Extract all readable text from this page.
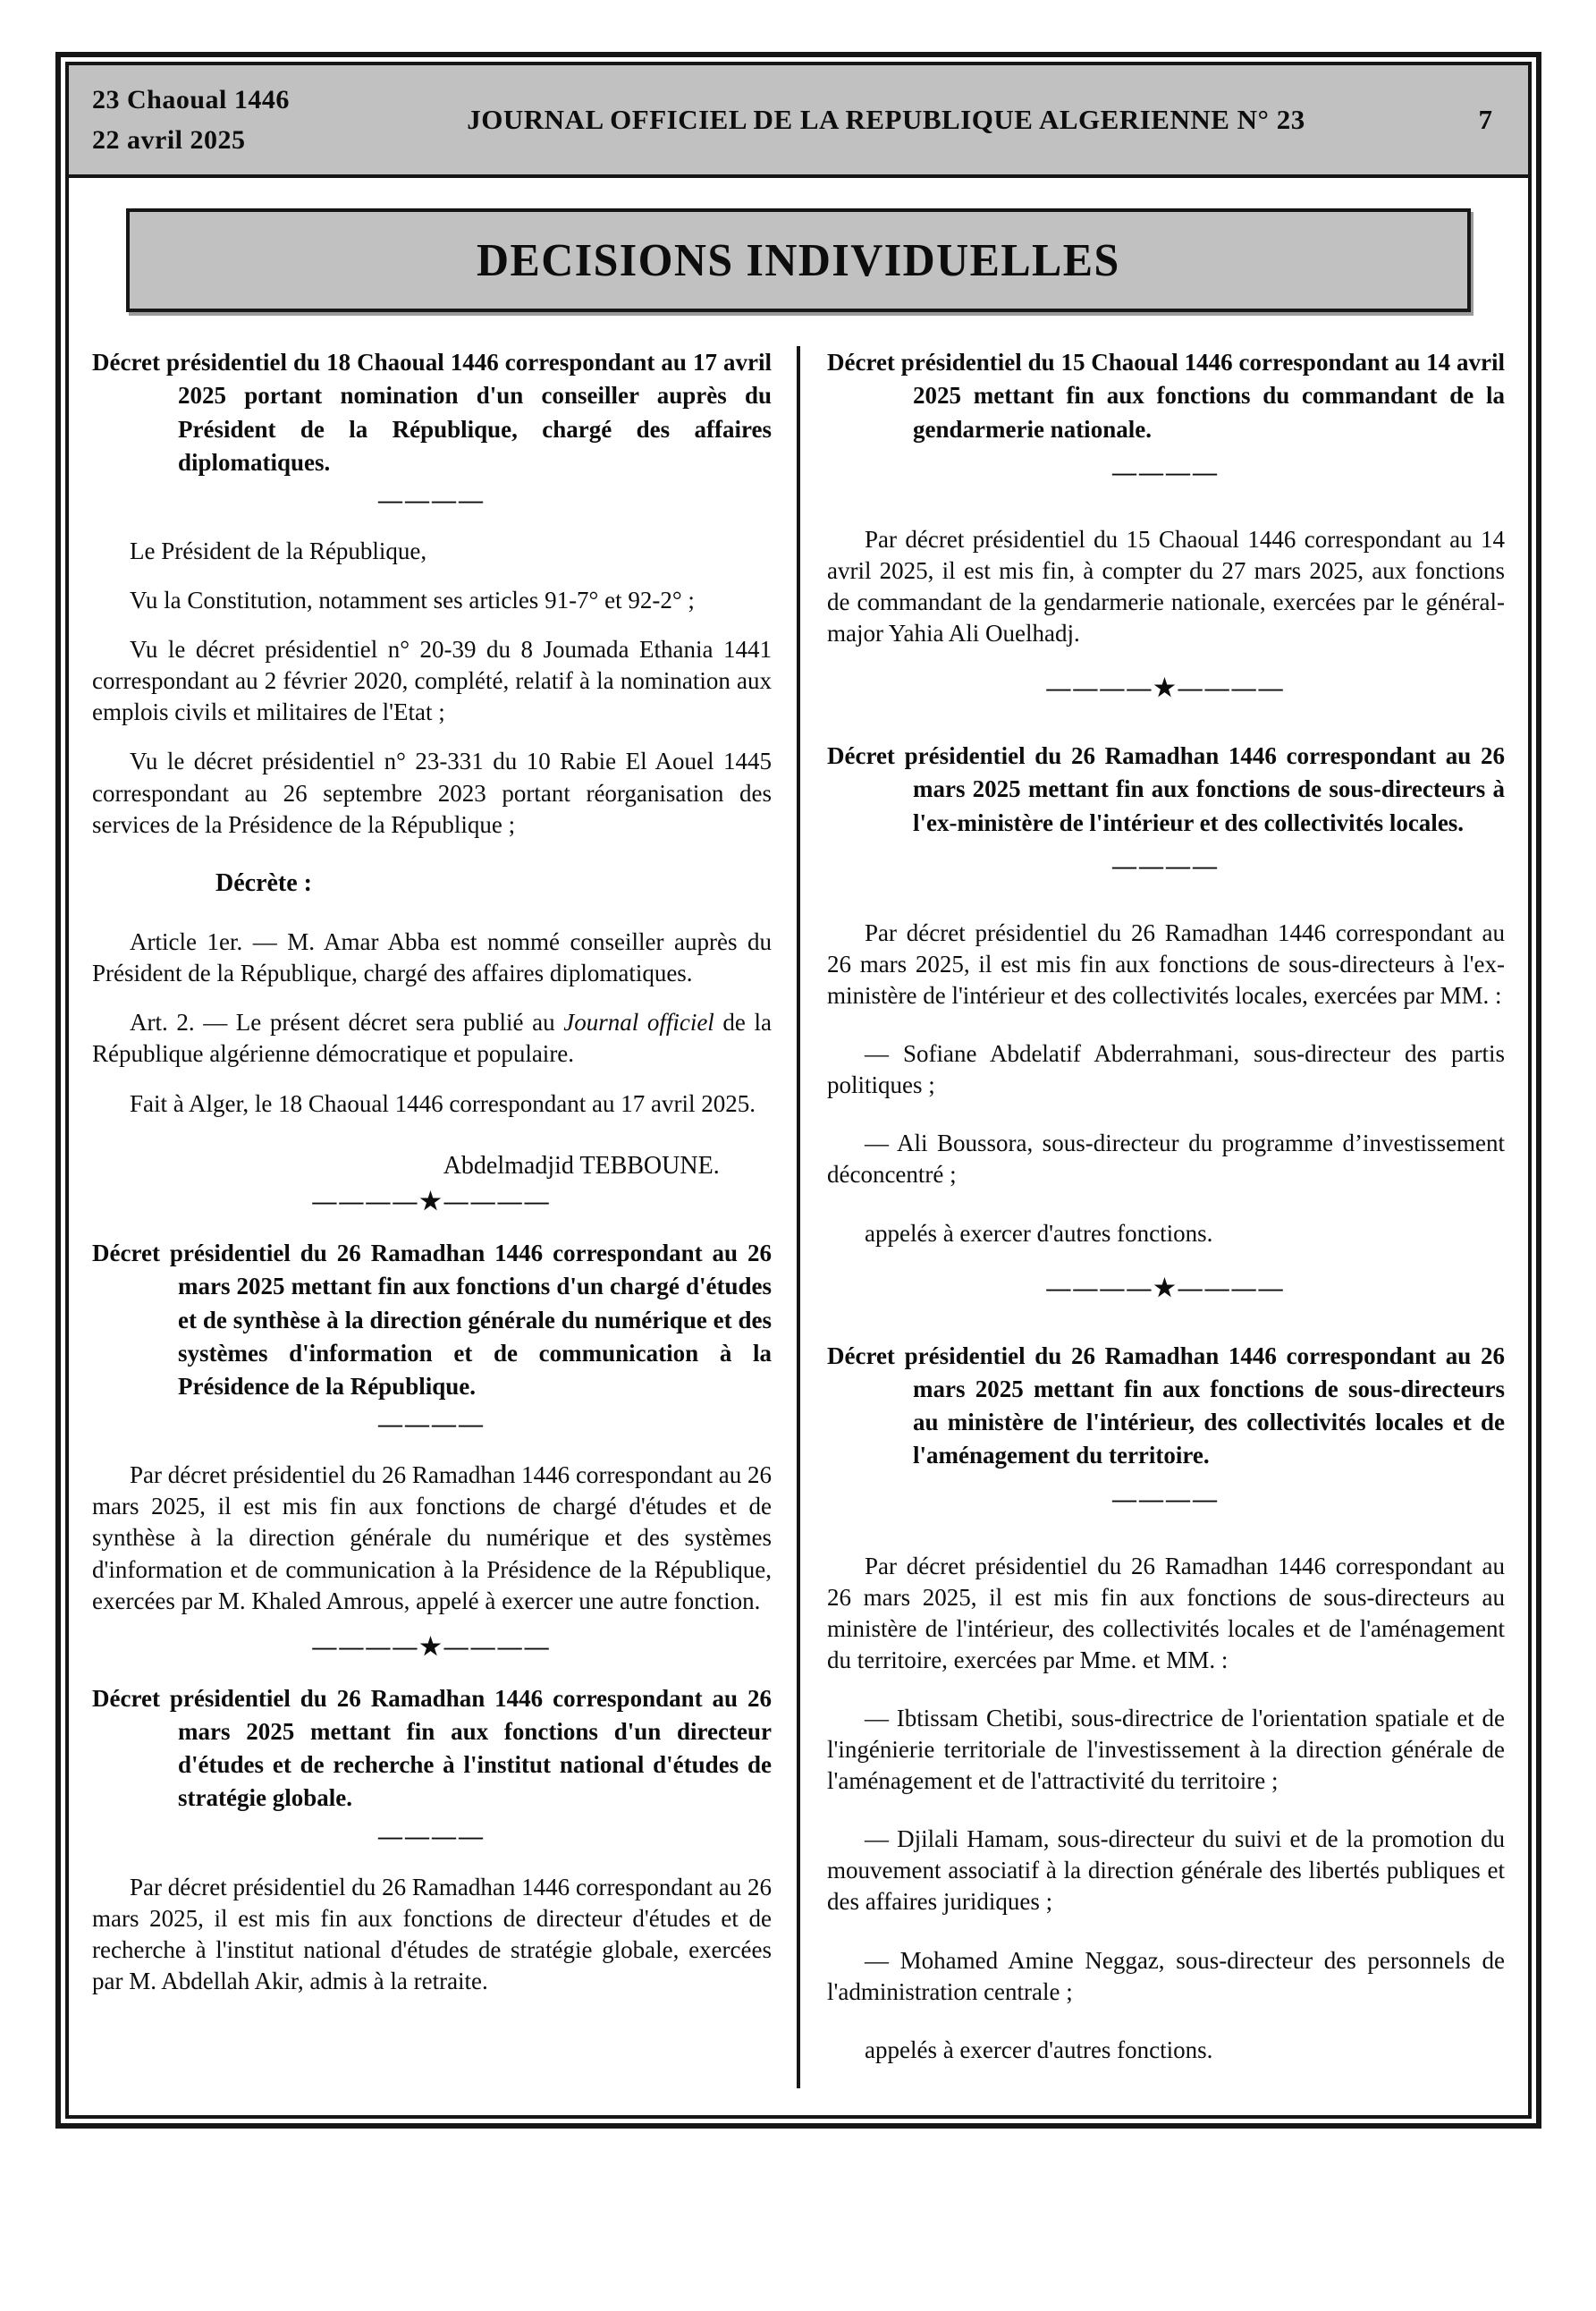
23 Chaoual 1446
22 avril 2025
JOURNAL OFFICIEL DE LA REPUBLIQUE ALGERIENNE N° 23	7
DECISIONS INDIVIDUELLES
Décret présidentiel du 18 Chaoual 1446 correspondant au 17 avril 2025 portant nomination d'un conseiller auprès du Président de la République, chargé des affaires diplomatiques.
————
Le Président de la République,
Vu la Constitution, notamment ses articles 91-7° et 92-2° ;
Vu le décret présidentiel n° 20-39 du 8 Joumada Ethania 1441 correspondant au 2 février 2020, complété, relatif à la nomination aux emplois civils et militaires de l'Etat ;
Vu le décret présidentiel n° 23-331 du 10 Rabie El Aouel 1445 correspondant au 26 septembre 2023 portant réorganisation des services de la Présidence de la République ;
Décrète :
Article 1er. — M. Amar Abba est nommé conseiller auprès du Président de la République, chargé des affaires diplomatiques.
Art. 2. — Le présent décret sera publié au Journal officiel de la République algérienne démocratique et populaire.
Fait à Alger, le 18 Chaoual 1446 correspondant au 17 avril 2025.
Abdelmadjid TEBBOUNE.
————★————
Décret présidentiel du 26 Ramadhan 1446 correspondant au 26 mars 2025 mettant fin aux fonctions d'un chargé d'études et de synthèse à la direction générale du numérique et des systèmes d'information et de communication à la Présidence de la République.
————
Par décret présidentiel du 26 Ramadhan 1446 correspondant au 26 mars 2025, il est mis fin aux fonctions de chargé d'études et de synthèse à la direction générale du numérique et des systèmes d'information et de communication à la Présidence de la République, exercées par M. Khaled Amrous, appelé à exercer une autre fonction.
————★————
Décret présidentiel du 26 Ramadhan 1446 correspondant au 26 mars 2025 mettant fin aux fonctions d'un directeur d'études et de recherche à l'institut national d'études de stratégie globale.
————
Par décret présidentiel du 26 Ramadhan 1446 correspondant au 26 mars 2025, il est mis fin aux fonctions de directeur d'études et de recherche à l'institut national d'études de stratégie globale, exercées par M. Abdellah Akir, admis à la retraite.
Décret présidentiel du 15 Chaoual 1446 correspondant au 14 avril 2025 mettant fin aux fonctions du commandant de la gendarmerie nationale.
————
Par décret présidentiel du 15 Chaoual 1446 correspondant au 14 avril 2025, il est mis fin, à compter du 27 mars 2025, aux fonctions de commandant de la gendarmerie nationale, exercées par le général-major Yahia Ali Ouelhadj.
————★————
Décret présidentiel du 26 Ramadhan 1446 correspondant au 26 mars 2025 mettant fin aux fonctions de sous-directeurs à l'ex-ministère de l'intérieur et des collectivités locales.
————
Par décret présidentiel du 26 Ramadhan 1446 correspondant au 26 mars 2025, il est mis fin aux fonctions de sous-directeurs à l'ex-ministère de l'intérieur et des collectivités locales, exercées par MM. :
— Sofiane Abdelatif Abderrahmani, sous-directeur des partis politiques ;
— Ali Boussora, sous-directeur du programme d’investissement déconcentré ;
appelés à exercer d'autres fonctions.
————★————
Décret présidentiel du 26 Ramadhan 1446 correspondant au 26 mars 2025 mettant fin aux fonctions de sous-directeurs au ministère de l'intérieur, des collectivités locales et de l'aménagement du territoire.
————
Par décret présidentiel du 26 Ramadhan 1446 correspondant au 26 mars 2025, il est mis fin aux fonctions de sous-directeurs au ministère de l'intérieur, des collectivités locales et de l'aménagement du territoire, exercées par Mme. et MM. :
— Ibtissam Chetibi, sous-directrice de l'orientation spatiale et de l'ingénierie territoriale de l'investissement à la direction générale de l'aménagement et de l'attractivité du territoire ;
— Djilali Hamam, sous-directeur du suivi et de la promotion du mouvement associatif à la direction générale des libertés publiques et des affaires juridiques ;
— Mohamed Amine Neggaz, sous-directeur des personnels de l'administration centrale ;
appelés à exercer d'autres fonctions.
